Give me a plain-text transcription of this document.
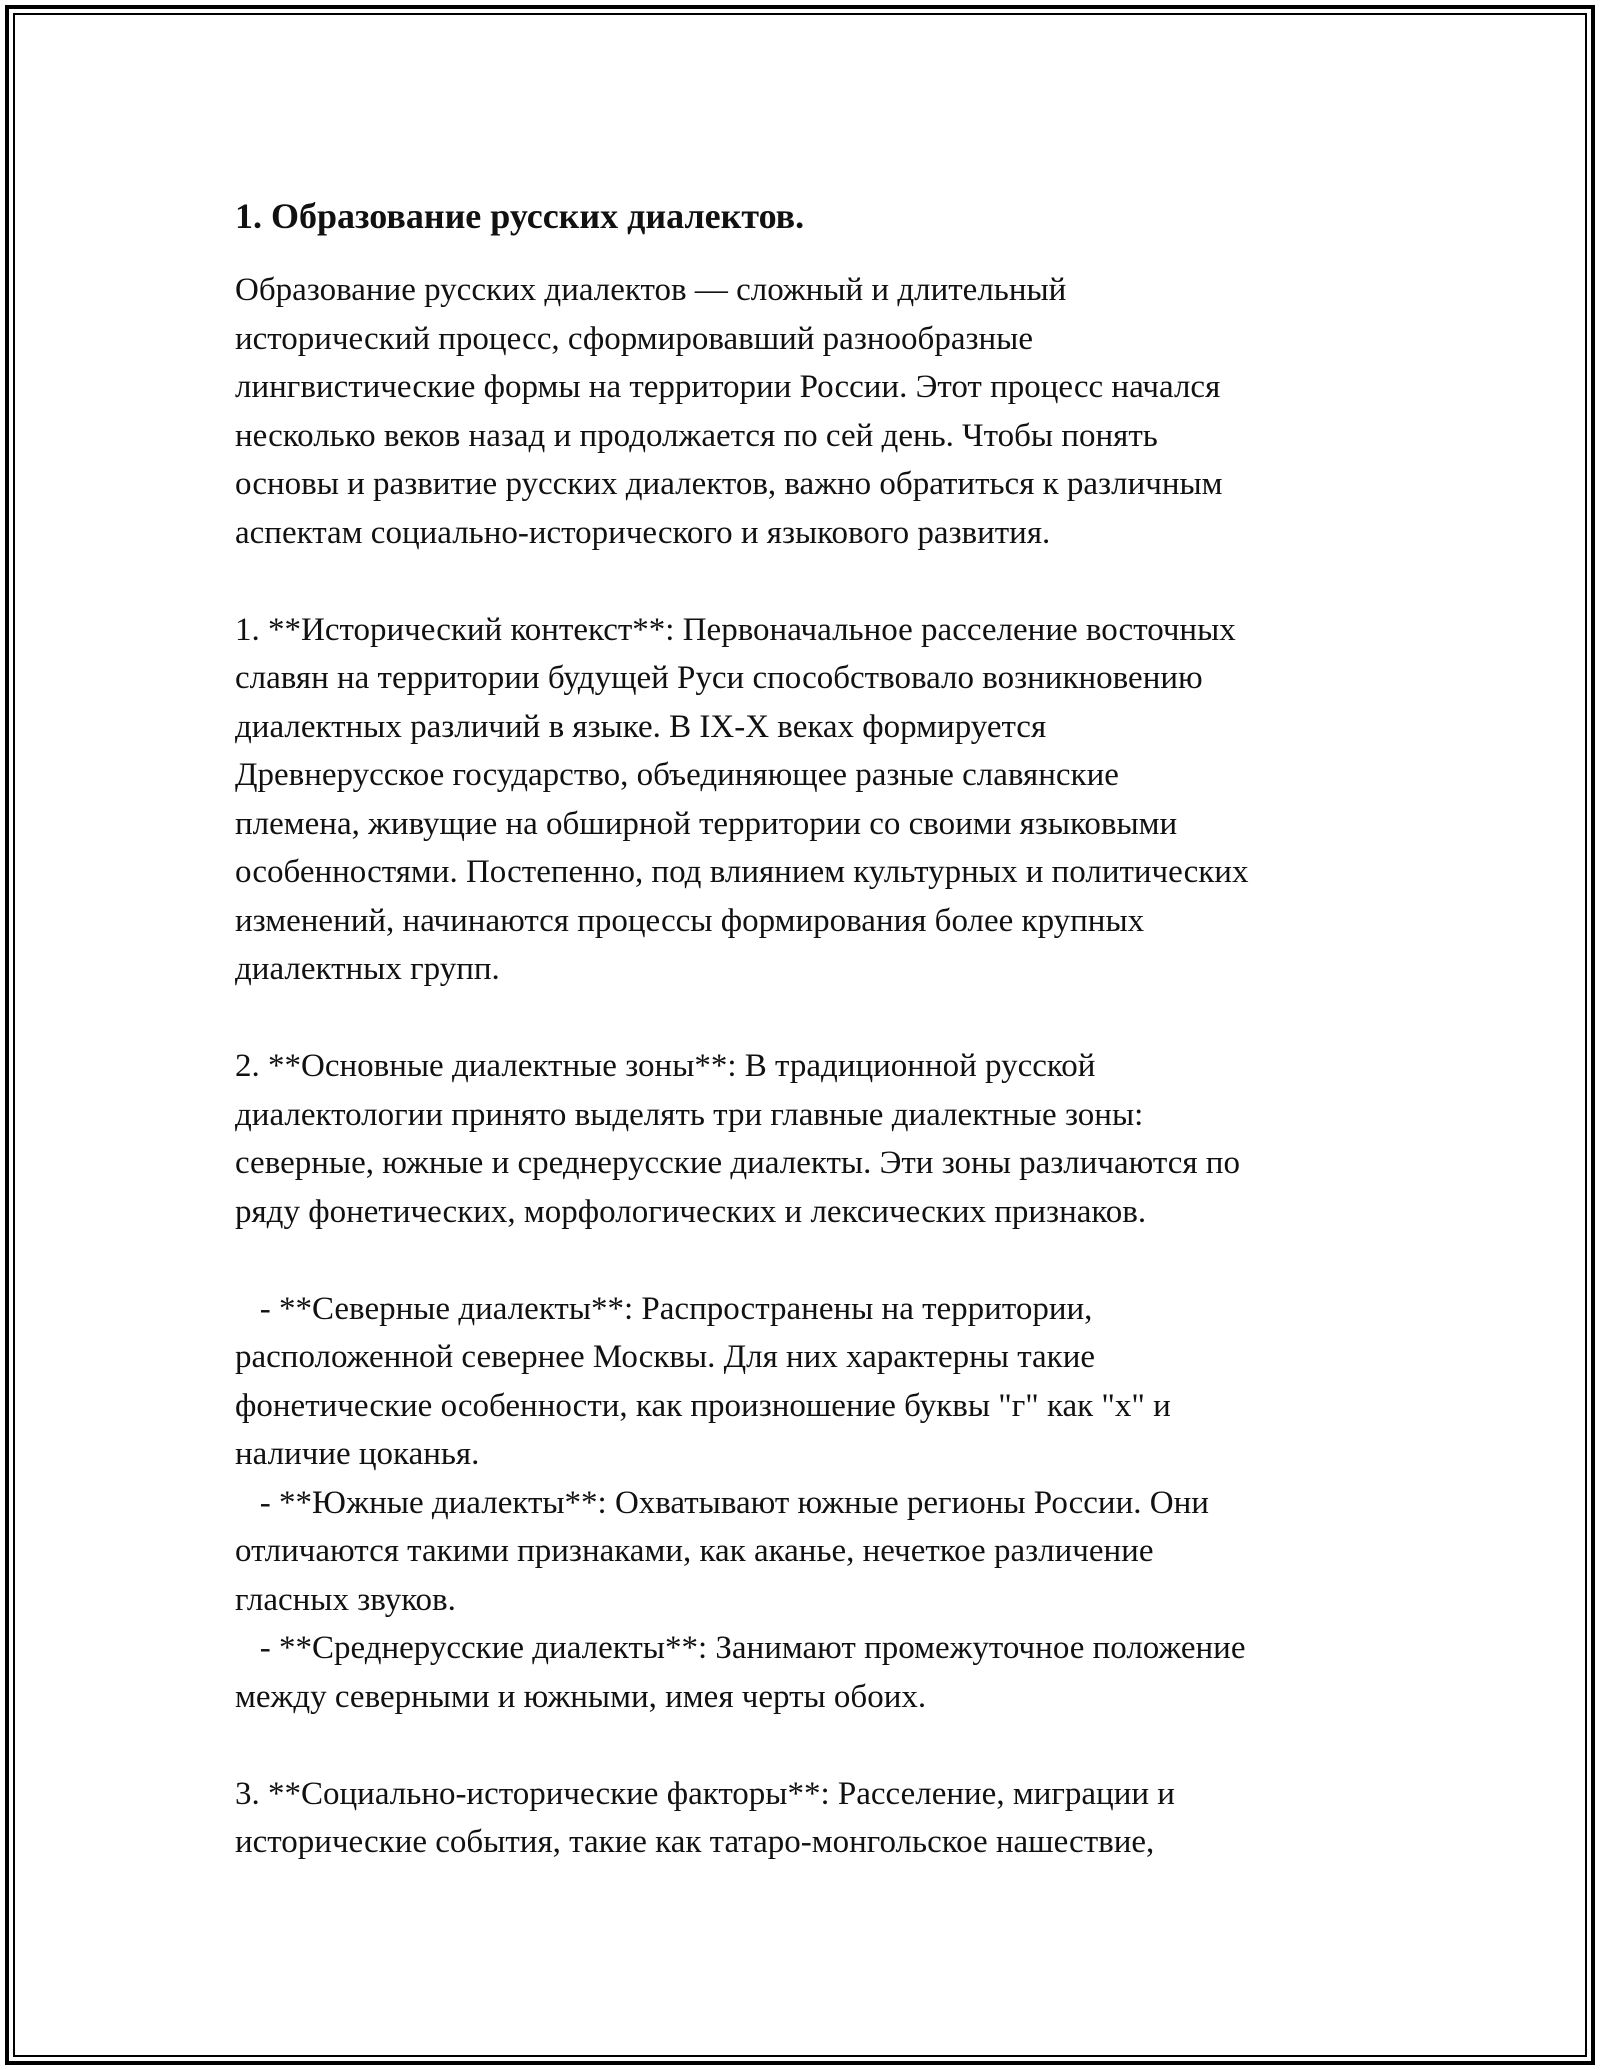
1. Образование русских диалектов.

Образование русских диалектов — сложный и длительный
исторический процесс, сформировавший разнообразные
лингвистические формы на территории России. Этот процесс начался
несколько веков назад и продолжается по сей день. Чтобы понять
основы и развитие русских диалектов, важно обратиться к различным
аспектам социально-исторического и языкового развития.

1. **Исторический контекст**: Первоначальное расселение восточных
славян на территории будущей Руси способствовало возникновению
диалектных различий в языке. В IX-X веках формируется
Древнерусское государство, объединяющее разные славянские
племена, живущие на обширной территории со своими языковыми
особенностями. Постепенно, под влиянием культурных и политических
изменений, начинаются процессы формирования более крупных
диалектных групп.

2. **Основные диалектные зоны**: В традиционной русской
диалектологии принято выделять три главные диалектные зоны:
северные, южные и среднерусские диалекты. Эти зоны различаются по
ряду фонетических, морфологических и лексических признаков.

- **Северные диалекты**: Распространены на территории,
расположенной севернее Москвы. Для них характерны такие
фонетические особенности, как произношение буквы "г" как "х" и
наличие цоканья.
- **Южные диалекты**: Охватывают южные регионы России. Они
отличаются такими признаками, как аканье, нечеткое различение
гласных звуков.
- **Среднерусские диалекты**: Занимают промежуточное положение
между северными и южными, имея черты обоих.

3. **Социально-исторические факторы**: Расселение, миграции и
исторические события, такие как татаро-монгольское нашествие,
